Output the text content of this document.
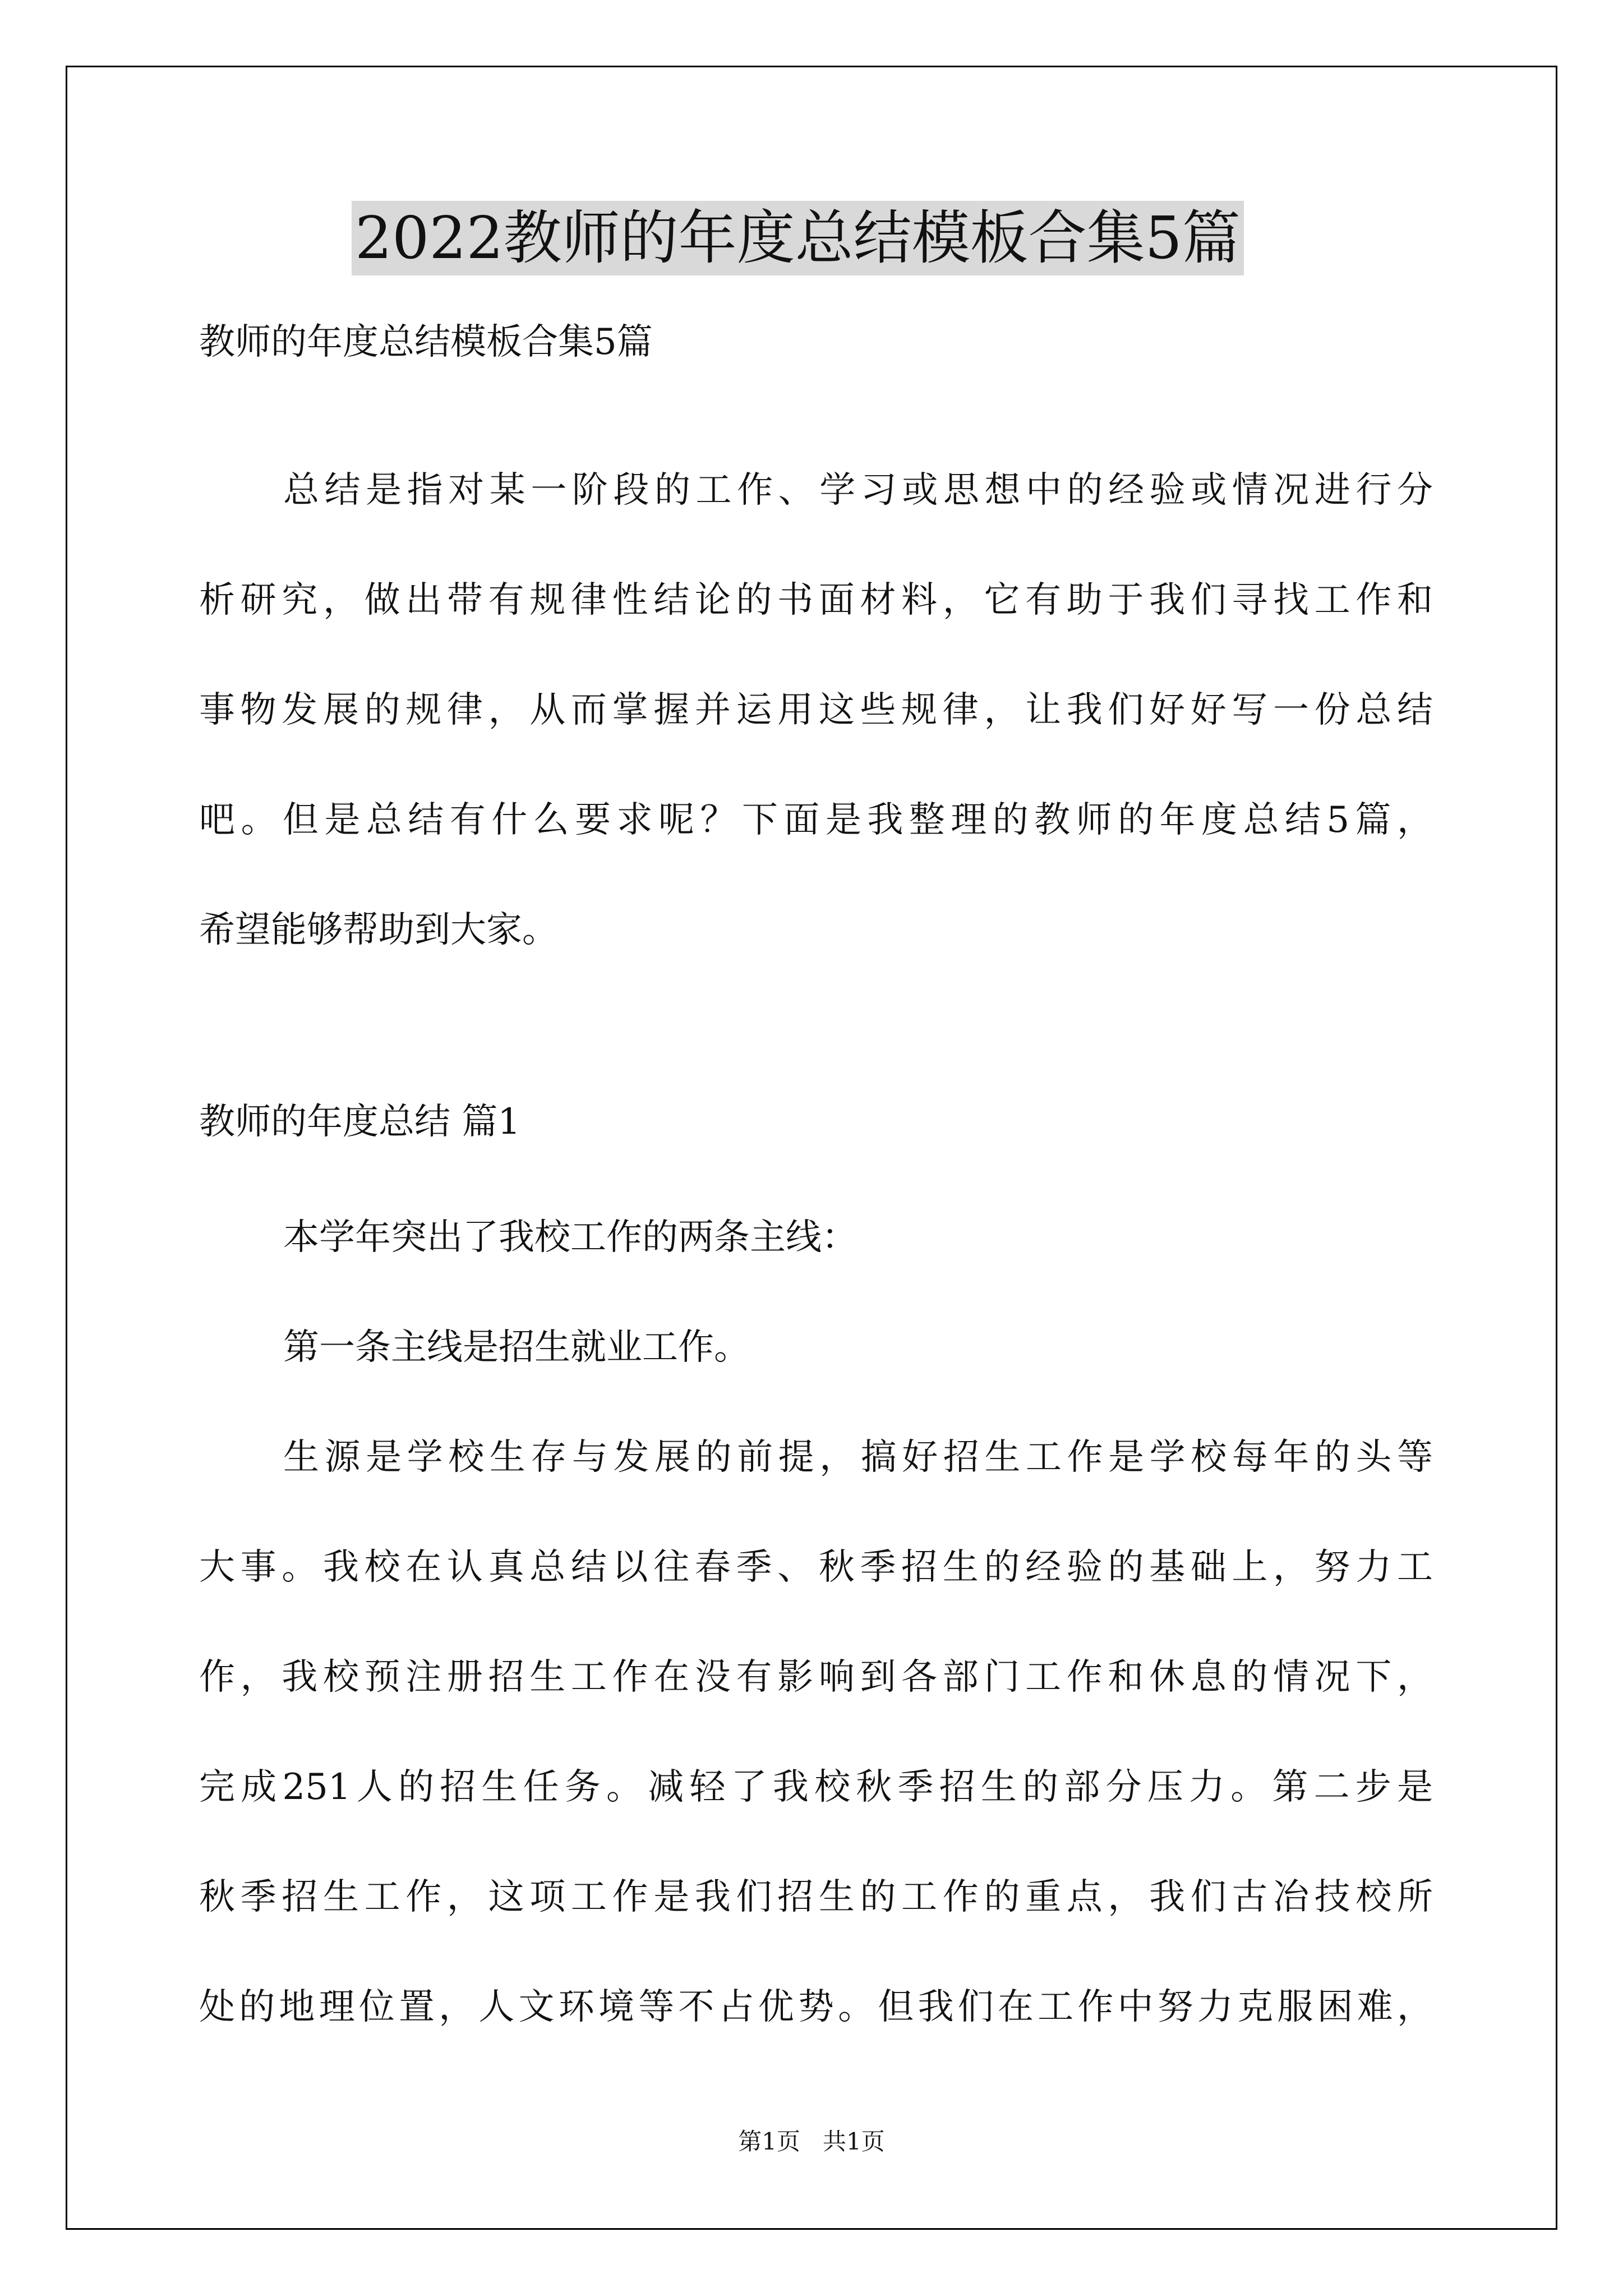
2022教师的年度总结模板合集5篇

教师的年度总结模板合集5篇

总结是指对某一阶段的工作、学习或思想中的经验或情况进行分
析研究，做出带有规律性结论的书面材料，它有助于我们寻找工作和
事物发展的规律，从而掌握并运用这些规律，让我们好好写一份总结
吧。但是总结有什么要求呢？下面是我整理的教师的年度总结5篇，
希望能够帮助到大家。

教师的年度总结 篇1

本学年突出了我校工作的两条主线：
第一条主线是招生就业工作。
生源是学校生存与发展的前提，搞好招生工作是学校每年的头等
大事。我校在认真总结以往春季、秋季招生的经验的基础上，努力工
作，我校预注册招生工作在没有影响到各部门工作和休息的情况下，
完成251人的招生任务。减轻了我校秋季招生的部分压力。第二步是
秋季招生工作，这项工作是我们招生的工作的重点，我们古冶技校所
处的地理位置，人文环境等不占优势。但我们在工作中努力克服困难，
第1页   共1页
